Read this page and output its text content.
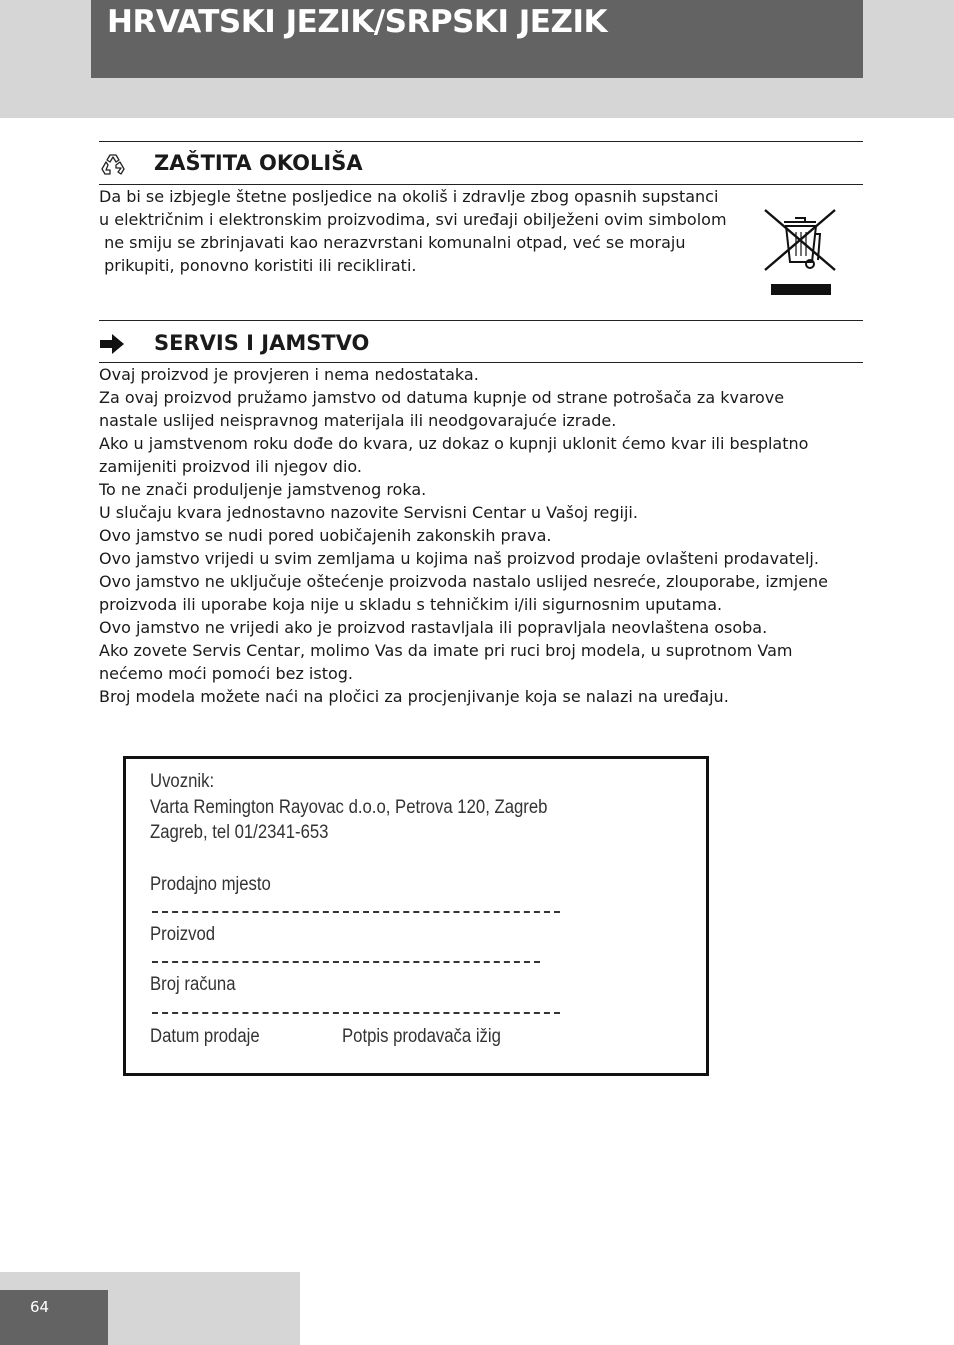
HRVATSKI JEZIK/SRPSKI JEZIK
ZAŠTITA OKOLIŠA

Da bi se izbjegle štetne posljedice na okoliš i zdravlje zbog opasnih supstanci

u električnim i elektronskim proizvodima, svi uređaji obilježeni ovim simbolom

ne smiju se zbrinjavati kao nerazvrstani komunalni otpad, već se moraju

prikupiti, ponovno koristiti ili reciklirati.

SERVIS I JAMSTVO

Ovaj proizvod je provjeren i nema nedostataka.

Za ovaj proizvod pružamo jamstvo od datuma kupnje od strane potrošača za kvarove

nastale uslijed neispravnog materijala ili neodgovarajuće izrade.

Ako u jamstvenom roku dođe do kvara, uz dokaz o kupnji uklonit ćemo kvar ili besplatno

zamijeniti proizvod ili njegov dio.

To ne znači produljenje jamstvenog roka.

U slučaju kvara jednostavno nazovite Servisni Centar u Vašoj regiji.

Ovo jamstvo se nudi pored uobičajenih zakonskih prava.

Ovo jamstvo vrijedi u svim zemljama u kojima naš proizvod prodaje ovlašteni prodavatelj.

Ovo jamstvo ne uključuje oštećenje proizvoda nastalo uslijed nesreće, zlouporabe, izmjene

proizvoda ili uporabe koja nije u skladu s tehničkim i/ili sigurnosnim uputama.

Ovo jamstvo ne vrijedi ako je proizvod rastavljala ili popravljala neovlaštena osoba.

Ako zovete Servis Centar, molimo Vas da imate pri ruci broj modela, u suprotnom Vam

nećemo moći pomoći bez istog.

Broj modela možete naći na pločici za procjenjivanje koja se nalazi na uređaju.

Uvoznik:

Varta Remington Rayovac d.o.o, Petrova 120, Zagreb

Zagreb, tel 01/2341-653

Prodajno mjesto

Proizvod

Broj računa

Datum prodaje	Potpis prodavača ižig

64
